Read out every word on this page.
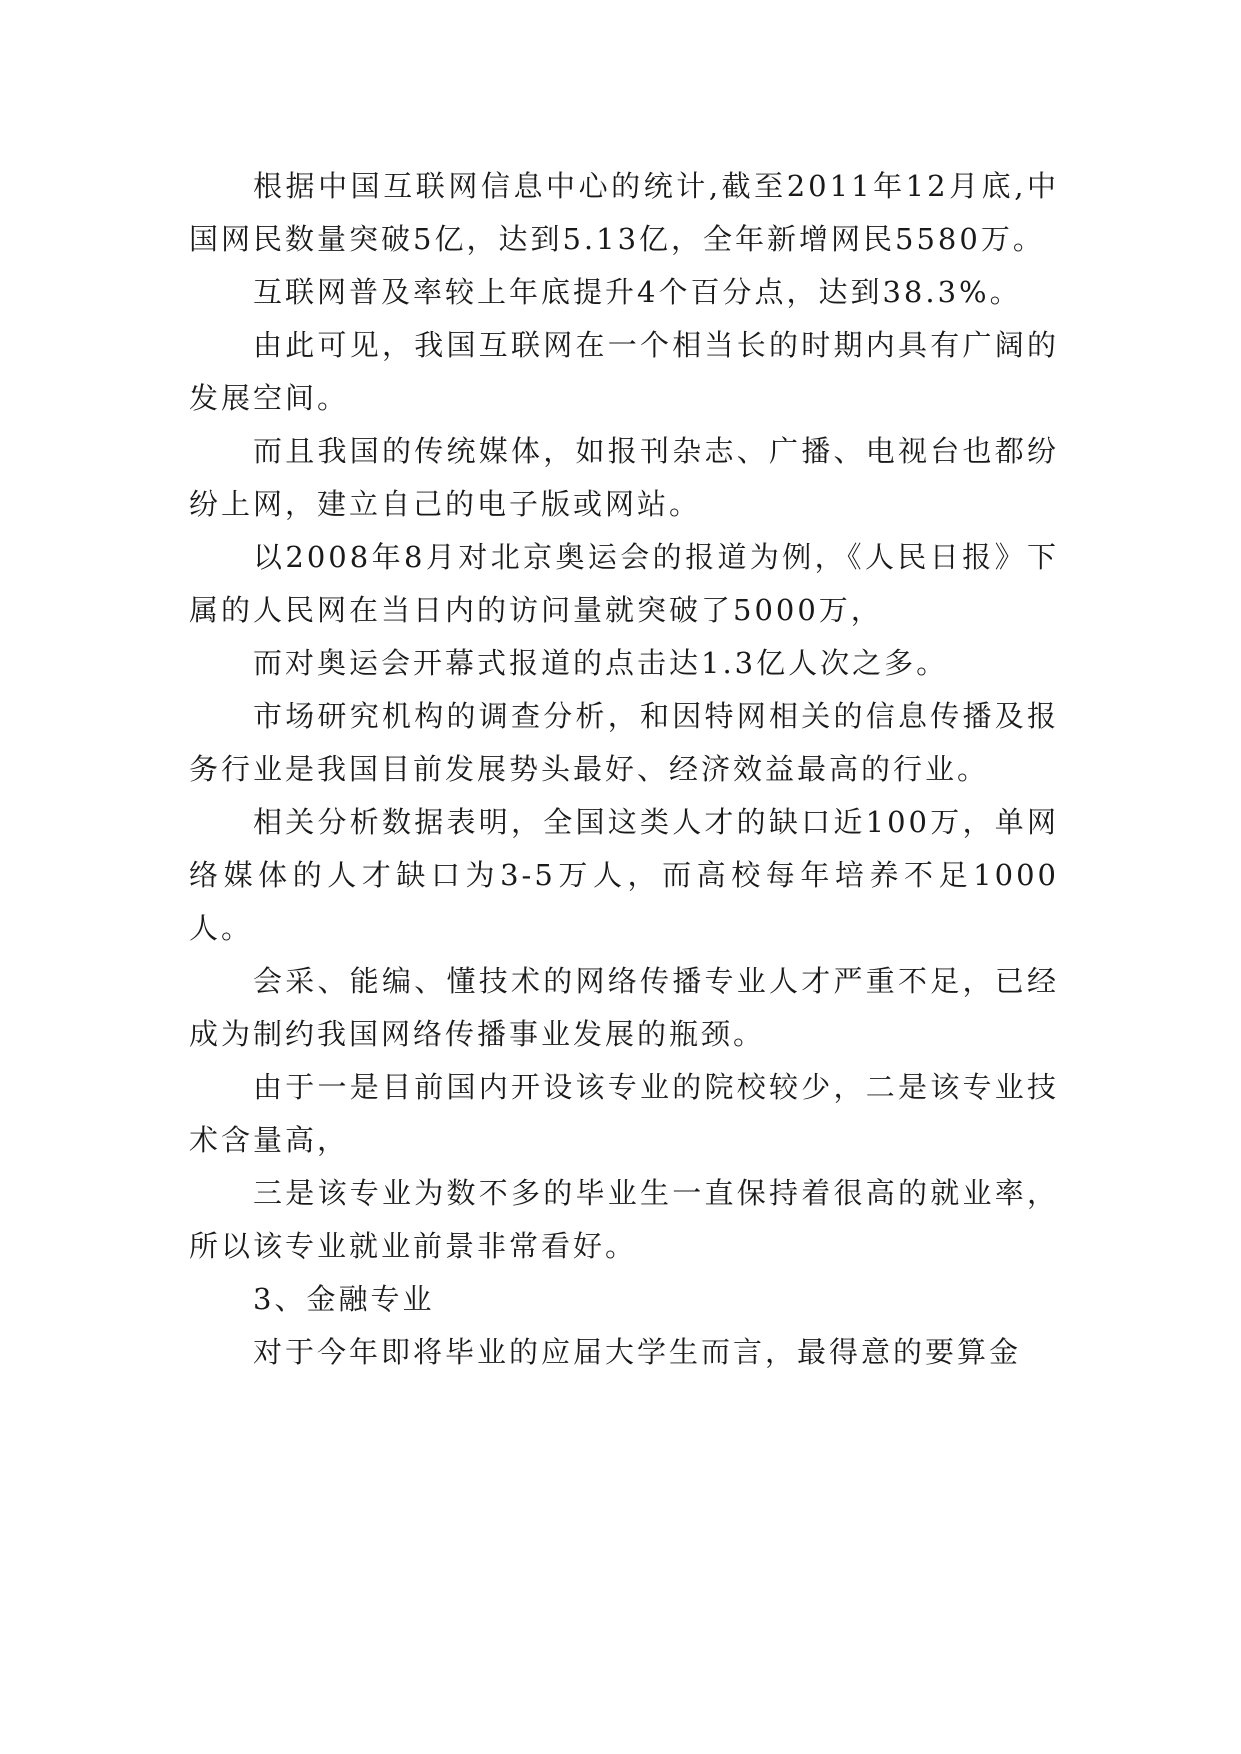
根据中国互联网信息中心的统计,截至2011年12月底,中国网民数量突破5亿，达到5.13亿，全年新增网民5580万。

互联网普及率较上年底提升4个百分点，达到38.3%。

由此可见，我国互联网在一个相当长的时期内具有广阔的发展空间。

而且我国的传统媒体，如报刊杂志、广播、电视台也都纷纷上网，建立自己的电子版或网站。

以2008年8月对北京奥运会的报道为例，《人民日报》下属的人民网在当日内的访问量就突破了5000万，

而对奥运会开幕式报道的点击达1.3亿人次之多。

市场研究机构的调查分析，和因特网相关的信息传播及报务行业是我国目前发展势头最好、经济效益最高的行业。

相关分析数据表明，全国这类人才的缺口近100万，单网络媒体的人才缺口为3-5万人，而高校每年培养不足1000人。

会采、能编、懂技术的网络传播专业人才严重不足，已经成为制约我国网络传播事业发展的瓶颈。

由于一是目前国内开设该专业的院校较少，二是该专业技术含量高，

三是该专业为数不多的毕业生一直保持着很高的就业率，所以该专业就业前景非常看好。

3、金融专业

对于今年即将毕业的应届大学生而言，最得意的要算金
